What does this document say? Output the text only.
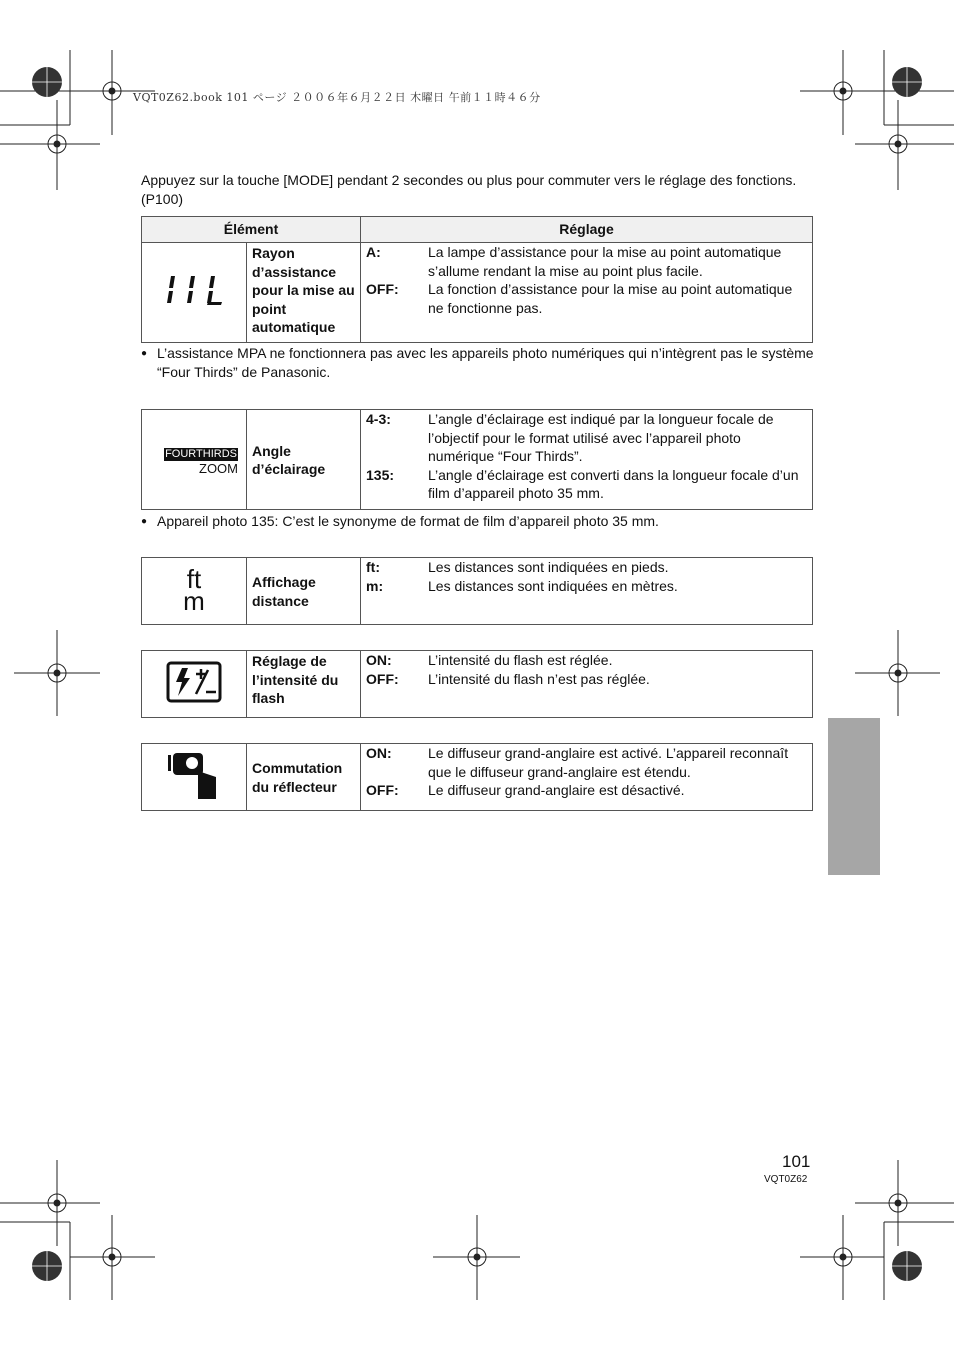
VQT0Z62.book 101 ページ ２００６年６月２２日 木曜日 午前１１時４６分
Appuyez sur la touche [MODE] pendant 2 secondes ou plus pour commuter vers le réglage des fonctions. (P100)
Élément		Réglage
	Rayon d’assistance pour la mise au point automatique	A: La lampe d’assistance pour la mise au point automatique s’allume rendant la mise au point plus facile.
OFF: La fonction d’assistance pour la mise au point automatique ne fonctionne pas.
● L’assistance MPA ne fonctionnera pas avec les appareils photo numériques qui n’intègrent pas le système “Four Thirds” de Panasonic.
FOURTHIRDS
ZOOM
	Angle d’éclairage	
4-3:	L’angle d’éclairage est indiqué par la longueur focale de l’objectif pour le format utilisé avec l’appareil photo numérique “Four Thirds”.
135:	L’angle d’éclairage est converti dans la longueur focale d’un film d’appareil photo 35 mm.
● Appareil photo 135: C’est le synonyme de format de film d’appareil photo 35 mm.
ft
m
	Affichage distance	
ft:	Les distances sont indiquées en pieds.
m:	Les distances sont indiquées en mètres.
	Réglage de l’intensité du flash	
ON:	L’intensité du flash est réglée.
OFF:	L’intensité du flash n’est pas réglée.
	Commutation du réflecteur	
ON:	Le diffuseur grand-anglaire est activé. L’appareil reconnaît que le diffuseur grand-anglaire est étendu.
OFF:	Le diffuseur grand-anglaire est désactivé.
101
VQT0Z62
